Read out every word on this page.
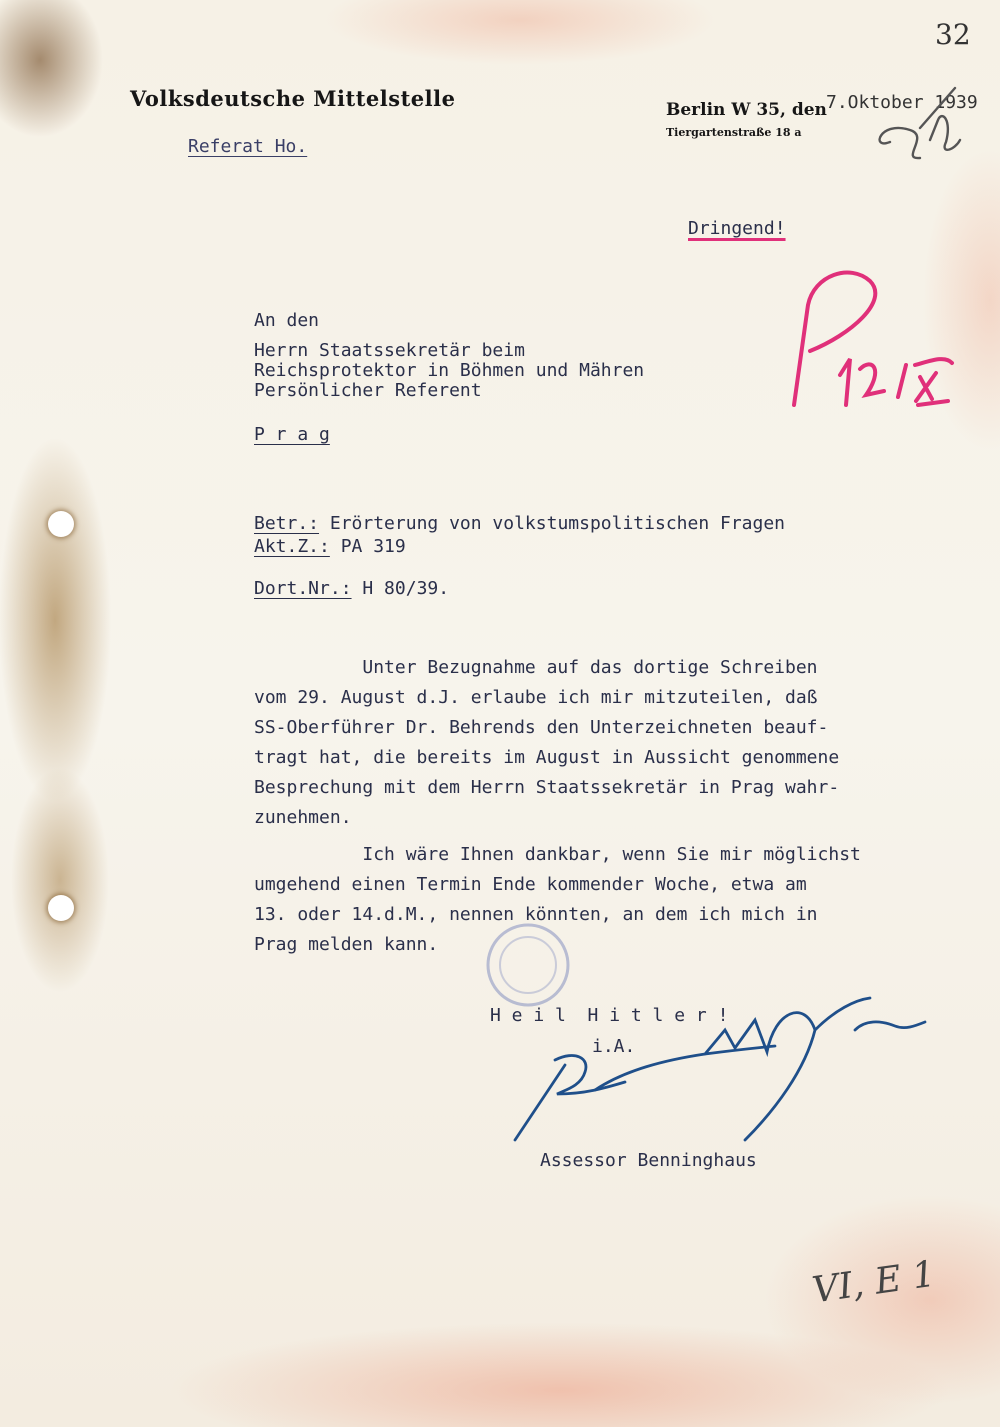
32
Volksdeutsche Mittelstelle
Referat Ho.
Berlin W 35, den
Tiergartenstraße 18 a
7.Oktober 1939
Dringend!
An den
Herrn Staatssekretär beim
Reichsprotektor in Böhmen und Mähren
Persönlicher Referent
P r a g
Betr.: Erörterung von volkstumspolitischen Fragen
Akt.Z.: PA 319
Dort.Nr.: H 80/39.
Unter Bezugnahme auf das dortige Schreiben
vom 29. August d.J. erlaube ich mir mitzuteilen, daß
SS-Oberführer Dr. Behrends den Unterzeichneten beauf-
tragt hat, die bereits im August in Aussicht genommene
Besprechung mit dem Herrn Staatssekretär in Prag wahr-
zunehmen.
Ich wäre Ihnen dankbar, wenn Sie mir möglichst
umgehend einen Termin Ende kommender Woche, etwa am
13. oder 14.d.M., nennen könnten, an dem ich mich in
Prag melden kann.
H e i l  H i t l e r !
i.A.
Assessor Benninghaus
VI, E 1
